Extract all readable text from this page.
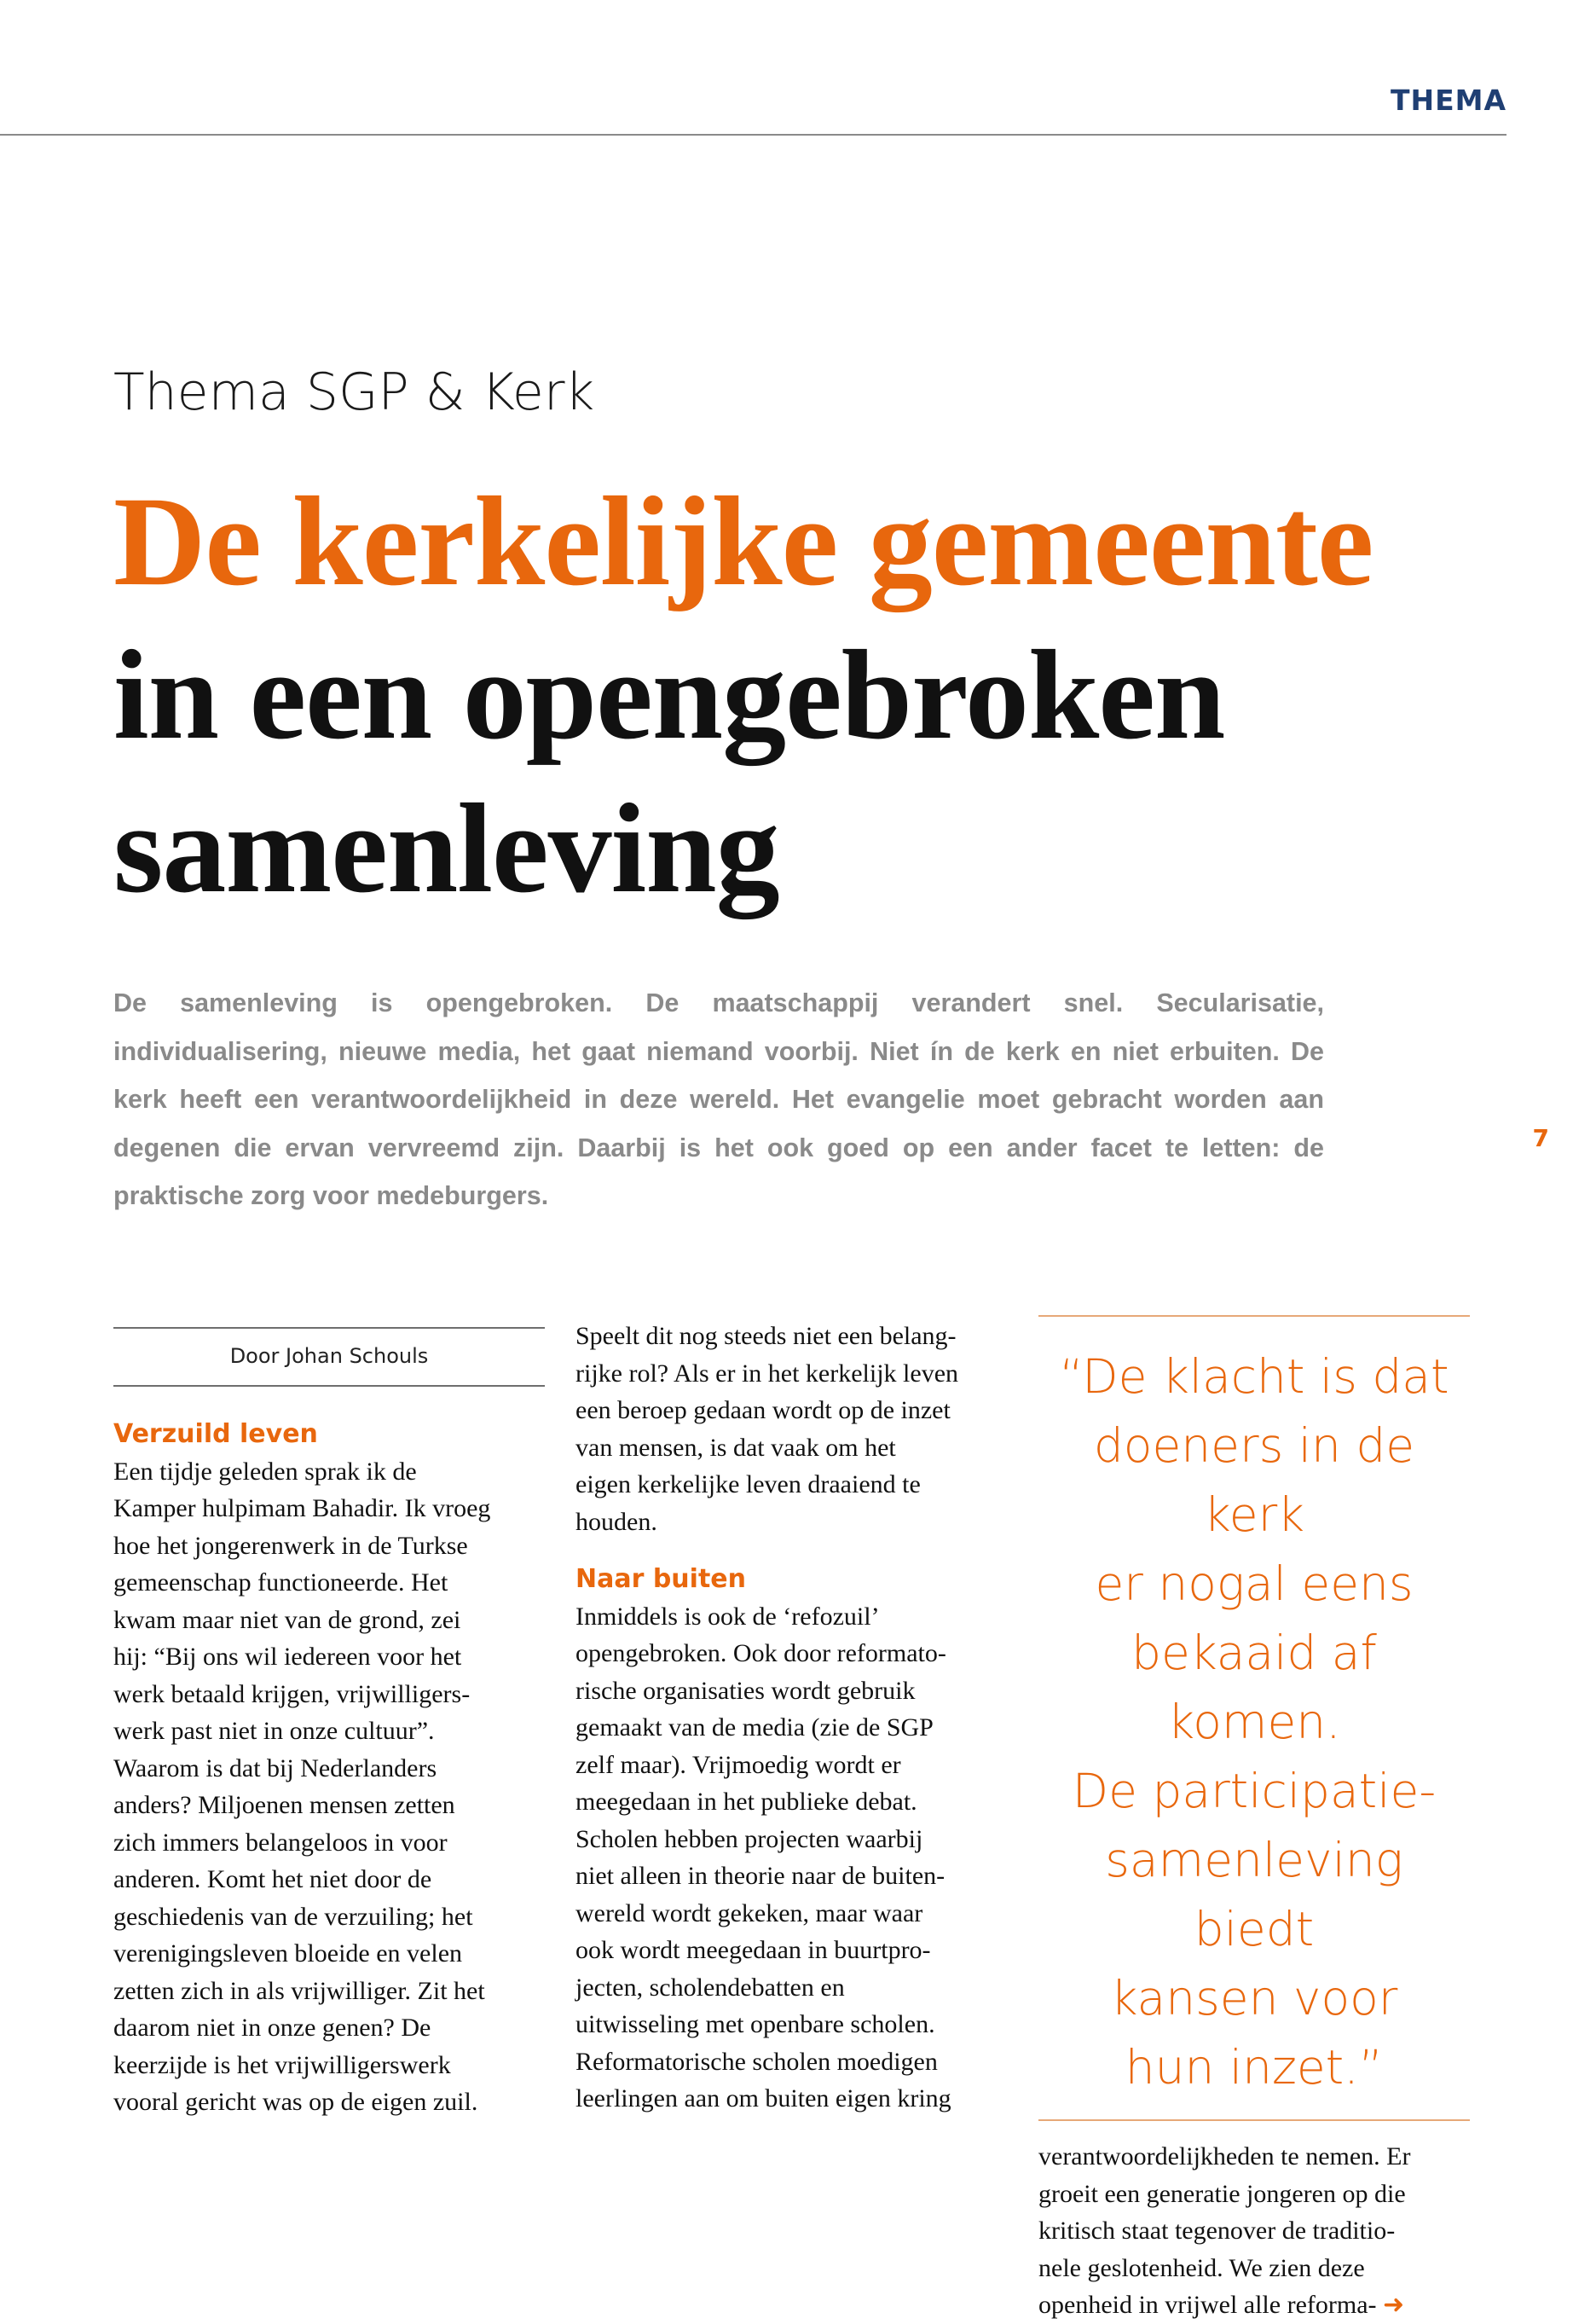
THEMA
7
Thema SGP & Kerk
De kerkelijke gemeente
in een opengebroken
samenleving
De samenleving is opengebroken. De maatschappij verandert snel. Secularisatie, individualisering, nieuwe media, het gaat niemand voorbij. Niet ín de kerk en niet erbuiten. De kerk heeft een verantwoordelijkheid in deze wereld. Het evangelie moet gebracht worden aan degenen die ervan vervreemd zijn. Daarbij is het ook goed op een ander facet te letten: de praktische zorg voor medeburgers.
Door Johan Schouls
Verzuild leven

Een tijdje geleden sprak ik de

Kamper hulpimam Bahadir. Ik vroeg

hoe het jongerenwerk in de Turkse

gemeenschap functioneerde. Het

kwam maar niet van de grond, zei

hij: “Bij ons wil iedereen voor het

werk betaald krijgen, vrijwilligers-

werk past niet in onze cultuur”.

Waarom is dat bij Nederlanders

anders? Miljoenen mensen zetten

zich immers belangeloos in voor

anderen. Komt het niet door de

geschiedenis van de verzuiling; het

verenigingsleven bloeide en velen

zetten zich in als vrijwilliger. Zit het

daarom niet in onze genen? De

keerzijde is het vrijwilligerswerk

vooral gericht was op de eigen zuil.

Speelt dit nog steeds niet een belang-

rijke rol? Als er in het kerkelijk leven

een beroep gedaan wordt op de inzet

van mensen, is dat vaak om het

eigen kerkelijke leven draaiend te

houden.

Naar buiten

Inmiddels is ook de ‘refozuil’

opengebroken. Ook door reformato-

rische organisaties wordt gebruik

gemaakt van de media (zie de SGP

zelf maar). Vrijmoedig wordt er

meegedaan in het publieke debat.

Scholen hebben projecten waarbij

niet alleen in theorie naar de buiten-

wereld wordt gekeken, maar waar

ook wordt meegedaan in buurtpro-

jecten, scholendebatten en

uitwisseling met openbare scholen.

Reformatorische scholen moedigen

leerlingen aan om buiten eigen kring

“De klacht is dat
doeners in de kerk
er nogal eens
bekaaid af komen.
De participatie-
samenleving biedt
kansen voor
hun inzet.”

verantwoordelijkheden te nemen. Er

groeit een generatie jongeren op die

kritisch staat tegenover de traditio-

nele geslotenheid. We zien deze

openheid in vrijwel alle reforma- ➜
